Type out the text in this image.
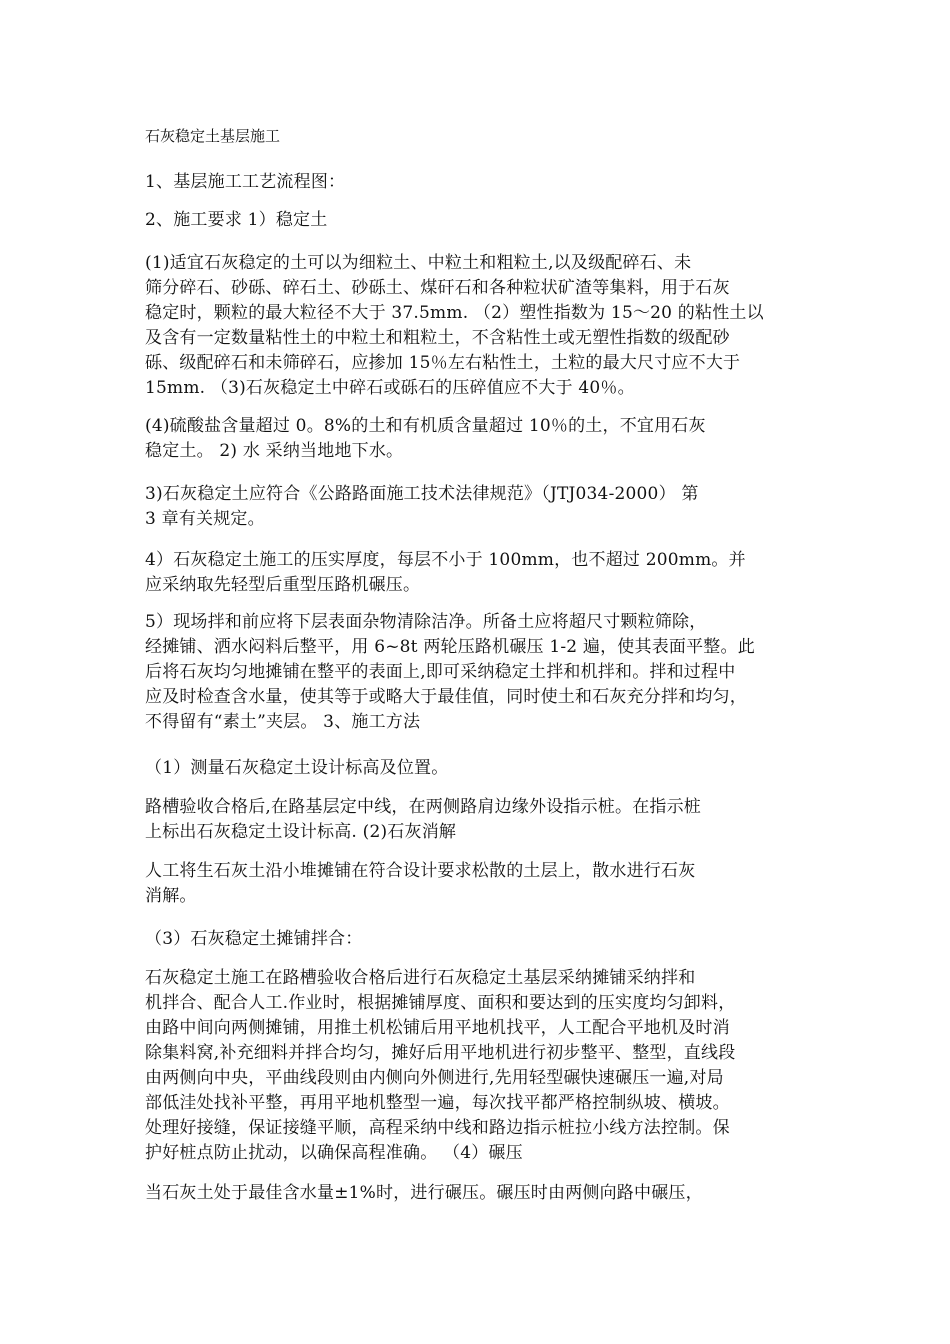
石灰稳定土基层施工
1、基层施工工艺流程图：
2、施工要求 1）稳定土
(1)适宜石灰稳定的土可以为细粒土、中粒土和粗粒土,以及级配碎石、未
筛分碎石、砂砾、碎石土、砂砾土、煤矸石和各种粒状矿渣等集料，用于石灰
稳定时，颗粒的最大粒径不大于 37.5mm. （2）塑性指数为 15～20 的粘性土以
及含有一定数量粘性土的中粒土和粗粒土，不含粘性土或无塑性指数的级配砂
砾、级配碎石和未筛碎石，应掺加 15％左右粘性土，土粒的最大尺寸应不大于
15mm. （3)石灰稳定土中碎石或砾石的压碎值应不大于 40％。
(4)硫酸盐含量超过 0。8%的土和有机质含量超过 10％的土，不宜用石灰
稳定土。 2) 水 采纳当地地下水。
3)石灰稳定土应符合《公路路面施工技术法律规范》（JTJ034-2000） 第
3 章有关规定。
4）石灰稳定土施工的压实厚度，每层不小于 100mm，也不超过 200mm。并
应采纳取先轻型后重型压路机碾压。
5）现场拌和前应将下层表面杂物清除洁净。所备土应将超尺寸颗粒筛除，
经摊铺、洒水闷料后整平，用 6~8t 两轮压路机碾压 1-2 遍，使其表面平整。此
后将石灰均匀地摊铺在整平的表面上,即可采纳稳定土拌和机拌和。拌和过程中
应及时检查含水量，使其等于或略大于最佳值，同时使土和石灰充分拌和均匀，
不得留有“素土”夹层。 3、施工方法
（1）测量石灰稳定土设计标高及位置。
路槽验收合格后,在路基层定中线，在两侧路肩边缘外设指示桩。在指示桩
上标出石灰稳定土设计标高. (2)石灰消解
人工将生石灰土沿小堆摊铺在符合设计要求松散的土层上，散水进行石灰
消解。
（3）石灰稳定土摊铺拌合：
石灰稳定土施工在路槽验收合格后进行石灰稳定土基层采纳摊铺采纳拌和
机拌合、配合人工.作业时，根据摊铺厚度、面积和要达到的压实度均匀卸料，
由路中间向两侧摊铺，用推土机松铺后用平地机找平，人工配合平地机及时消
除集料窝,补充细料并拌合均匀，摊好后用平地机进行初步整平、整型，直线段
由两侧向中央，平曲线段则由内侧向外侧进行,先用轻型碾快速碾压一遍,对局
部低洼处找补平整，再用平地机整型一遍，每次找平都严格控制纵坡、横坡。
处理好接缝，保证接缝平顺，高程采纳中线和路边指示桩拉小线方法控制。保
护好桩点防止扰动，以确保高程准确。 （4）碾压
当石灰土处于最佳含水量±1%时，进行碾压。碾压时由两侧向路中碾压，
